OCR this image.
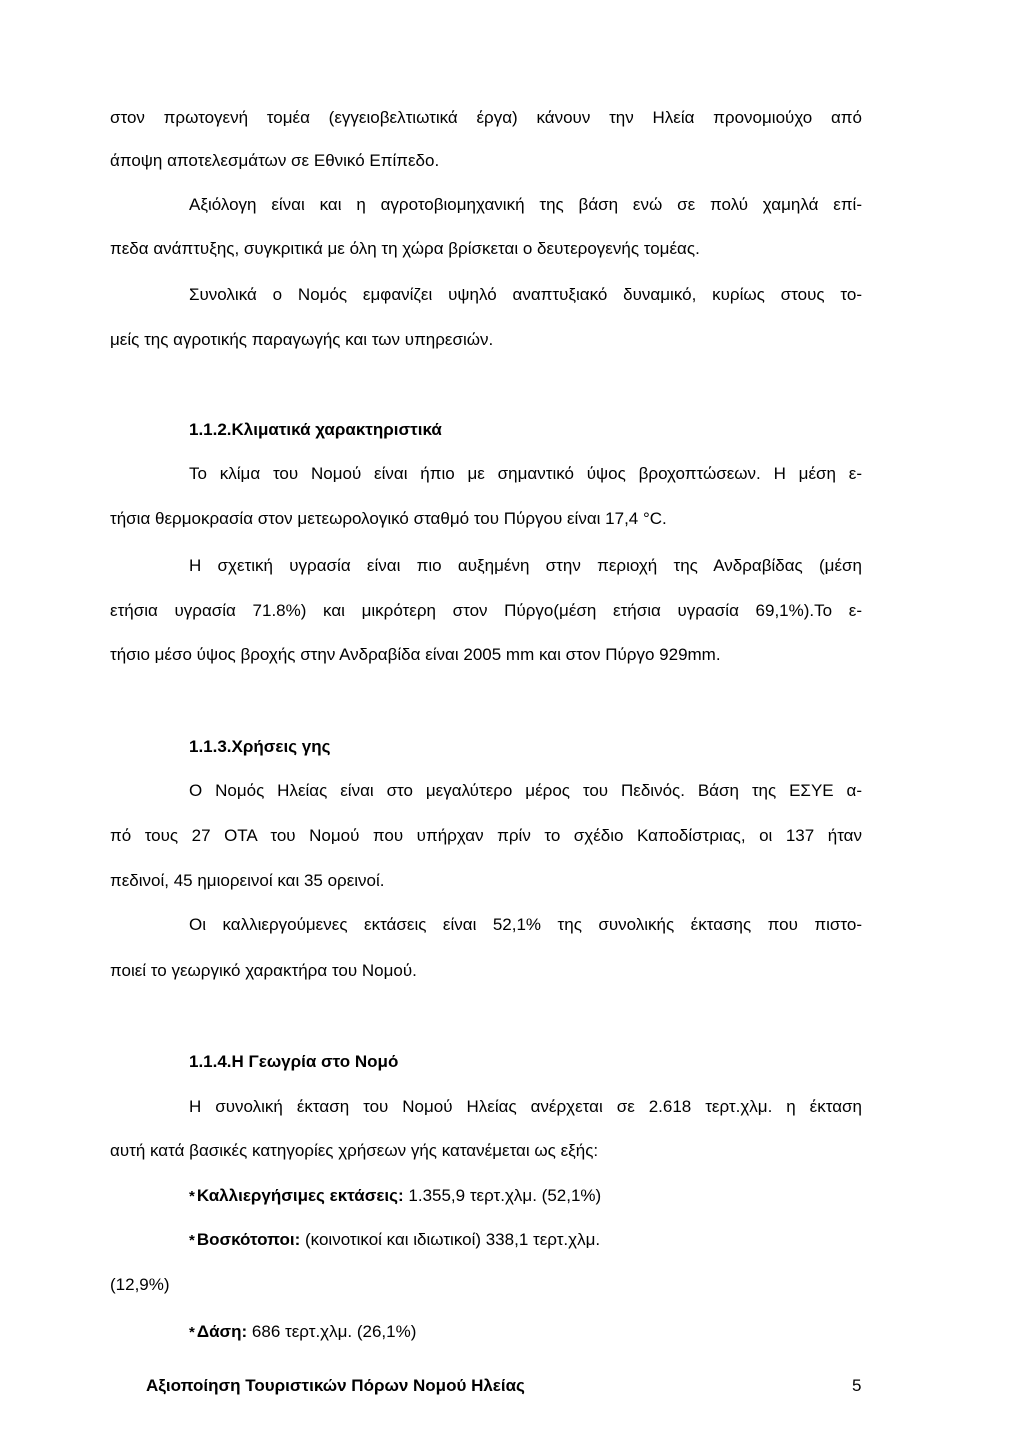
στον πρωτογενή τομέα (εγγειοβελτιωτικά έργα) κάνουν την Ηλεία προνομιούχο από
άποψη αποτελεσμάτων σε Εθνικό Επίπεδο.
Αξιόλογη είναι και η αγροτοβιομηχανική της βάση ενώ σε πολύ χαμηλά επί-
πεδα ανάπτυξης, συγκριτικά με όλη τη χώρα βρίσκεται ο δευτερογενής τομέας.
Συνολικά ο Νομός εμφανίζει υψηλό αναπτυξιακό δυναμικό, κυρίως στους το-
μείς της αγροτικής παραγωγής και των υπηρεσιών.
1.1.2.Κλιματικά χαρακτηριστικά
Το κλίμα του Νομού είναι ήπιο με σημαντικό ύψος βροχοπτώσεων. Η μέση ε-
τήσια θερμοκρασία στον μετεωρολογικό σταθμό του Πύργου είναι 17,4 °C.
Η σχετική υγρασία είναι πιο αυξημένη στην περιοχή της Ανδραβίδας (μέση
ετήσια υγρασία 71.8%) και μικρότερη στον Πύργο(μέση ετήσια υγρασία 69,1%).Το ε-
τήσιο μέσο ύψος βροχής στην Ανδραβίδα είναι 2005 mm και στον Πύργο 929mm.
1.1.3.Χρήσεις γης
Ο Νομός Ηλείας είναι στο μεγαλύτερο μέρος του Πεδινός. Βάση της ΕΣΥΕ α-
πό τους 27 ΟΤΑ του Νομού που υπήρχαν πρίν το σχέδιο Καποδίστριας, οι 137 ήταν
πεδινοί, 45 ημιορεινοί και 35 ορεινοί.
Οι καλλιεργούμενες εκτάσεις είναι 52,1% της συνολικής έκτασης που πιστο-
ποιεί το γεωργικό χαρακτήρα του Νομού.
1.1.4.Η Γεωγρία στο Νομό
Η συνολική έκταση του Νομού Ηλείας ανέρχεται σε 2.618 τερτ.χλμ. η έκταση
αυτή κατά βασικές κατηγορίες χρήσεων γής κατανέμεται ως εξής:
* Καλλιεργήσιμες εκτάσεις: 1.355,9 τερτ.χλμ. (52,1%)
* Βοσκότοποι: (κοινοτικοί και ιδιωτικοί) 338,1 τερτ.χλμ.
(12,9%)
* Δάση: 686 τερτ.χλμ. (26,1%)
Αξιοποίηση Τουριστικών Πόρων Νομού Ηλείας	5
